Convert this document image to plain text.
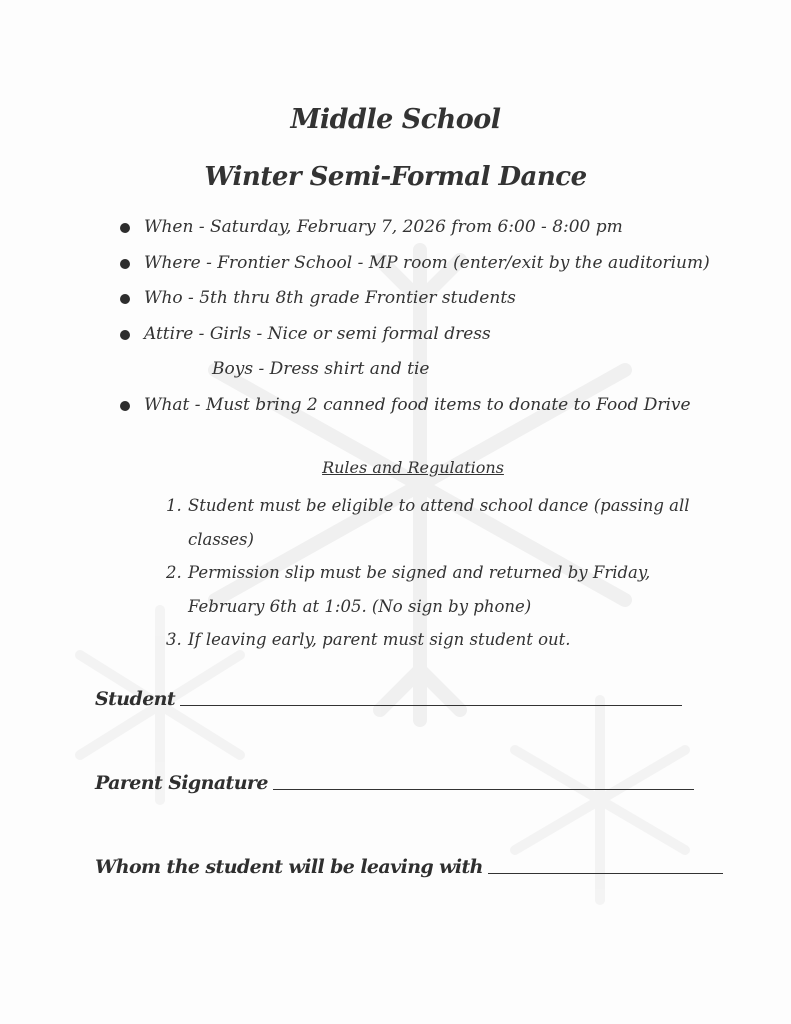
Middle School
Winter Semi-Formal Dance
When - Saturday, February 7, 2026 from 6:00 - 8:00 pm
Where - Frontier School - MP room (enter/exit by the auditorium)
Who - 5th thru 8th grade Frontier students
Attire - Girls - Nice or semi formal dress
Boys - Dress shirt and tie
What - Must bring 2 canned food items to donate to Food Drive
Rules and Regulations
1. Student must be eligible to attend school dance (passing all classes)
2. Permission slip must be signed and returned by Friday, February 6th at 1:05. (No sign by phone)
3. If leaving early, parent must sign student out.
Student
Parent Signature
Whom the student will be leaving with
